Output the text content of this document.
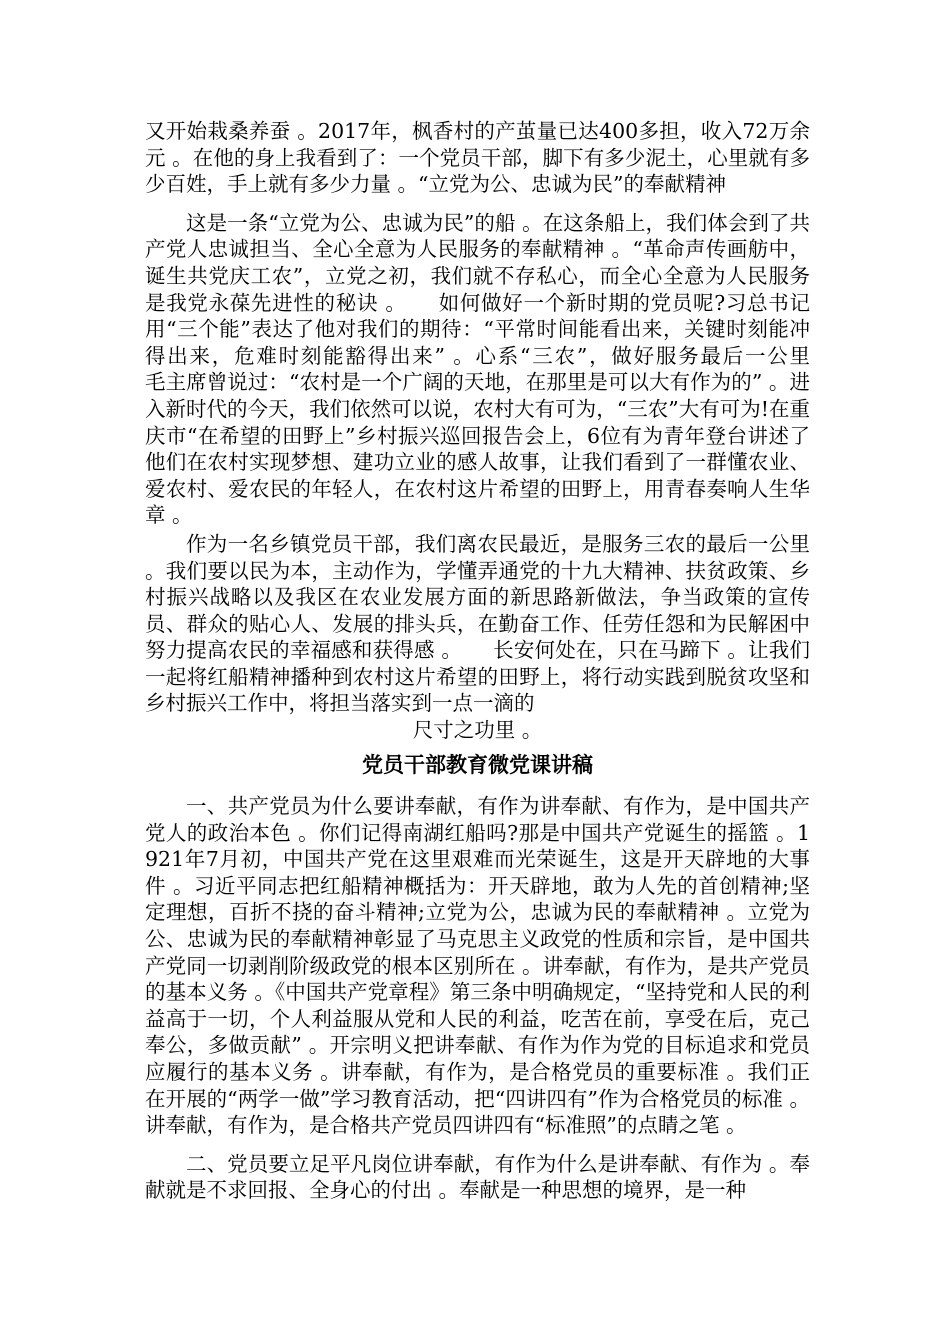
又开始栽桑养蚕 。2017年，枫香村的产茧量已达400多担，收入72万余元 。在他的身上我看到了：一个党员干部，脚下有多少泥土，心里就有多少百姓，手上就有多少力量 。“立党为公、忠诚为民”的奉献精神

这是一条“立党为公、忠诚为民”的船 。在这条船上，我们体会到了共产党人忠诚担当、全心全意为人民服务的奉献精神 。“革命声传画舫中，诞生共党庆工农”，立党之初，我们就不存私心，而全心全意为人民服务是我党永葆先进性的秘诀 。　　如何做好一个新时期的党员呢?习总书记用“三个能”表达了他对我们的期待：“平常时间能看出来，关键时刻能冲得出来，危难时刻能豁得出来” 。心系“三农”，做好服务最后一公里　　毛主席曾说过：“农村是一个广阔的天地，在那里是可以大有作为的” 。进入新时代的今天，我们依然可以说，农村大有可为，“三农”大有可为!在重庆市“在希望的田野上”乡村振兴巡回报告会上，6位有为青年登台讲述了他们在农村实现梦想、建功立业的感人故事，让我们看到了一群懂农业、爱农村、爱农民的年轻人，在农村这片希望的田野上，用青春奏响人生华章 。

作为一名乡镇党员干部，我们离农民最近，是服务三农的最后一公里 。我们要以民为本，主动作为，学懂弄通党的十九大精神、扶贫政策、乡村振兴战略以及我区在农业发展方面的新思路新做法，争当政策的宣传员、群众的贴心人、发展的排头兵，在勤奋工作、任劳任怨和为民解困中努力提高农民的幸福感和获得感 。　　长安何处在，只在马蹄下 。让我们一起将红船精神播种到农村这片希望的田野上，将行动实践到脱贫攻坚和乡村振兴工作中，将担当落实到一点一滴的

尺寸之功里 。

党员干部教育微党课讲稿

一、共产党员为什么要讲奉献，有作为讲奉献、有作为，是中国共产党人的政治本色 。你们记得南湖红船吗?那是中国共产党诞生的摇篮 。1921年7月初，中国共产党在这里艰难而光荣诞生，这是开天辟地的大事件 。习近平同志把红船精神概括为：开天辟地，敢为人先的首创精神;坚定理想，百折不挠的奋斗精神;立党为公，忠诚为民的奉献精神 。立党为公、忠诚为民的奉献精神彰显了马克思主义政党的性质和宗旨，是中国共产党同一切剥削阶级政党的根本区别所在 。讲奉献，有作为，是共产党员的基本义务 。《中国共产党章程》第三条中明确规定，“坚持党和人民的利益高于一切，个人利益服从党和人民的利益，吃苦在前，享受在后，克己奉公，多做贡献” 。开宗明义把讲奉献、有作为作为党的目标追求和党员应履行的基本义务 。讲奉献，有作为，是合格党员的重要标准 。我们正在开展的“两学一做”学习教育活动，把“四讲四有”作为合格党员的标准 。讲奉献，有作为，是合格共产党员四讲四有“标准照”的点睛之笔 。

二、党员要立足平凡岗位讲奉献，有作为什么是讲奉献、有作为 。奉献就是不求回报、全身心的付出 。奉献是一种思想的境界，是一种
